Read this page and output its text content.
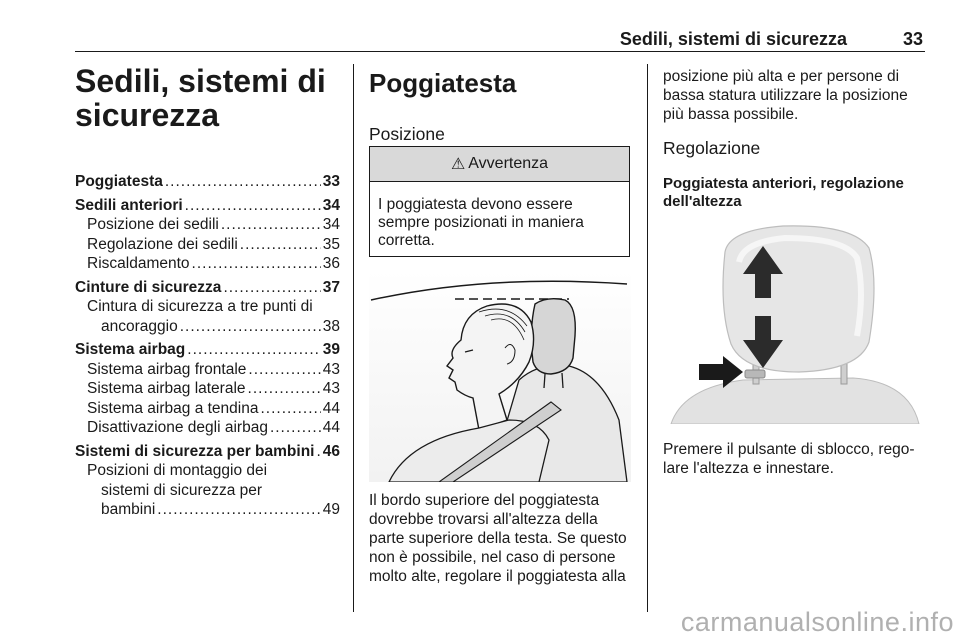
Sedili, sistemi di sicurezza	33
Sedili, sistemi di sicurezza
Poggiatesta .....	33
Sedili anteriori .....	34
Posizione dei sedili .....	34
Regolazione dei sedili .....	35
Riscaldamento .....	36
Cinture di sicurezza .....	37
Cintura di sicurezza a tre punti di
ancoraggio .....	38
Sistema airbag .....	39
Sistema airbag frontale .....	43
Sistema airbag laterale .....	43
Sistema airbag a tendina .....	44
Disattivazione degli airbag .....	44
Sistemi di sicurezza per bambini ..... 46
Posizioni di montaggio dei
sistemi di sicurezza per
bambini .....	49
Poggiatesta
Posizione
⚠ Avvertenza
I poggiatesta devono essere sempre posizionati in maniera corretta.

Il bordo superiore del poggiatesta dovrebbe trovarsi all'altezza della parte superiore della testa. Se questo non è possibile, nel caso di persone molto alte, regolare il poggiatesta alla

posizione più alta e per persone di bassa statura utilizzare la posizione più bassa possibile.

Regolazione
Poggiatesta anteriori, regolazione dell'altezza

Premere il pulsante di sblocco, rego-lare l'altezza e innestare.

carmanualsonline.info
